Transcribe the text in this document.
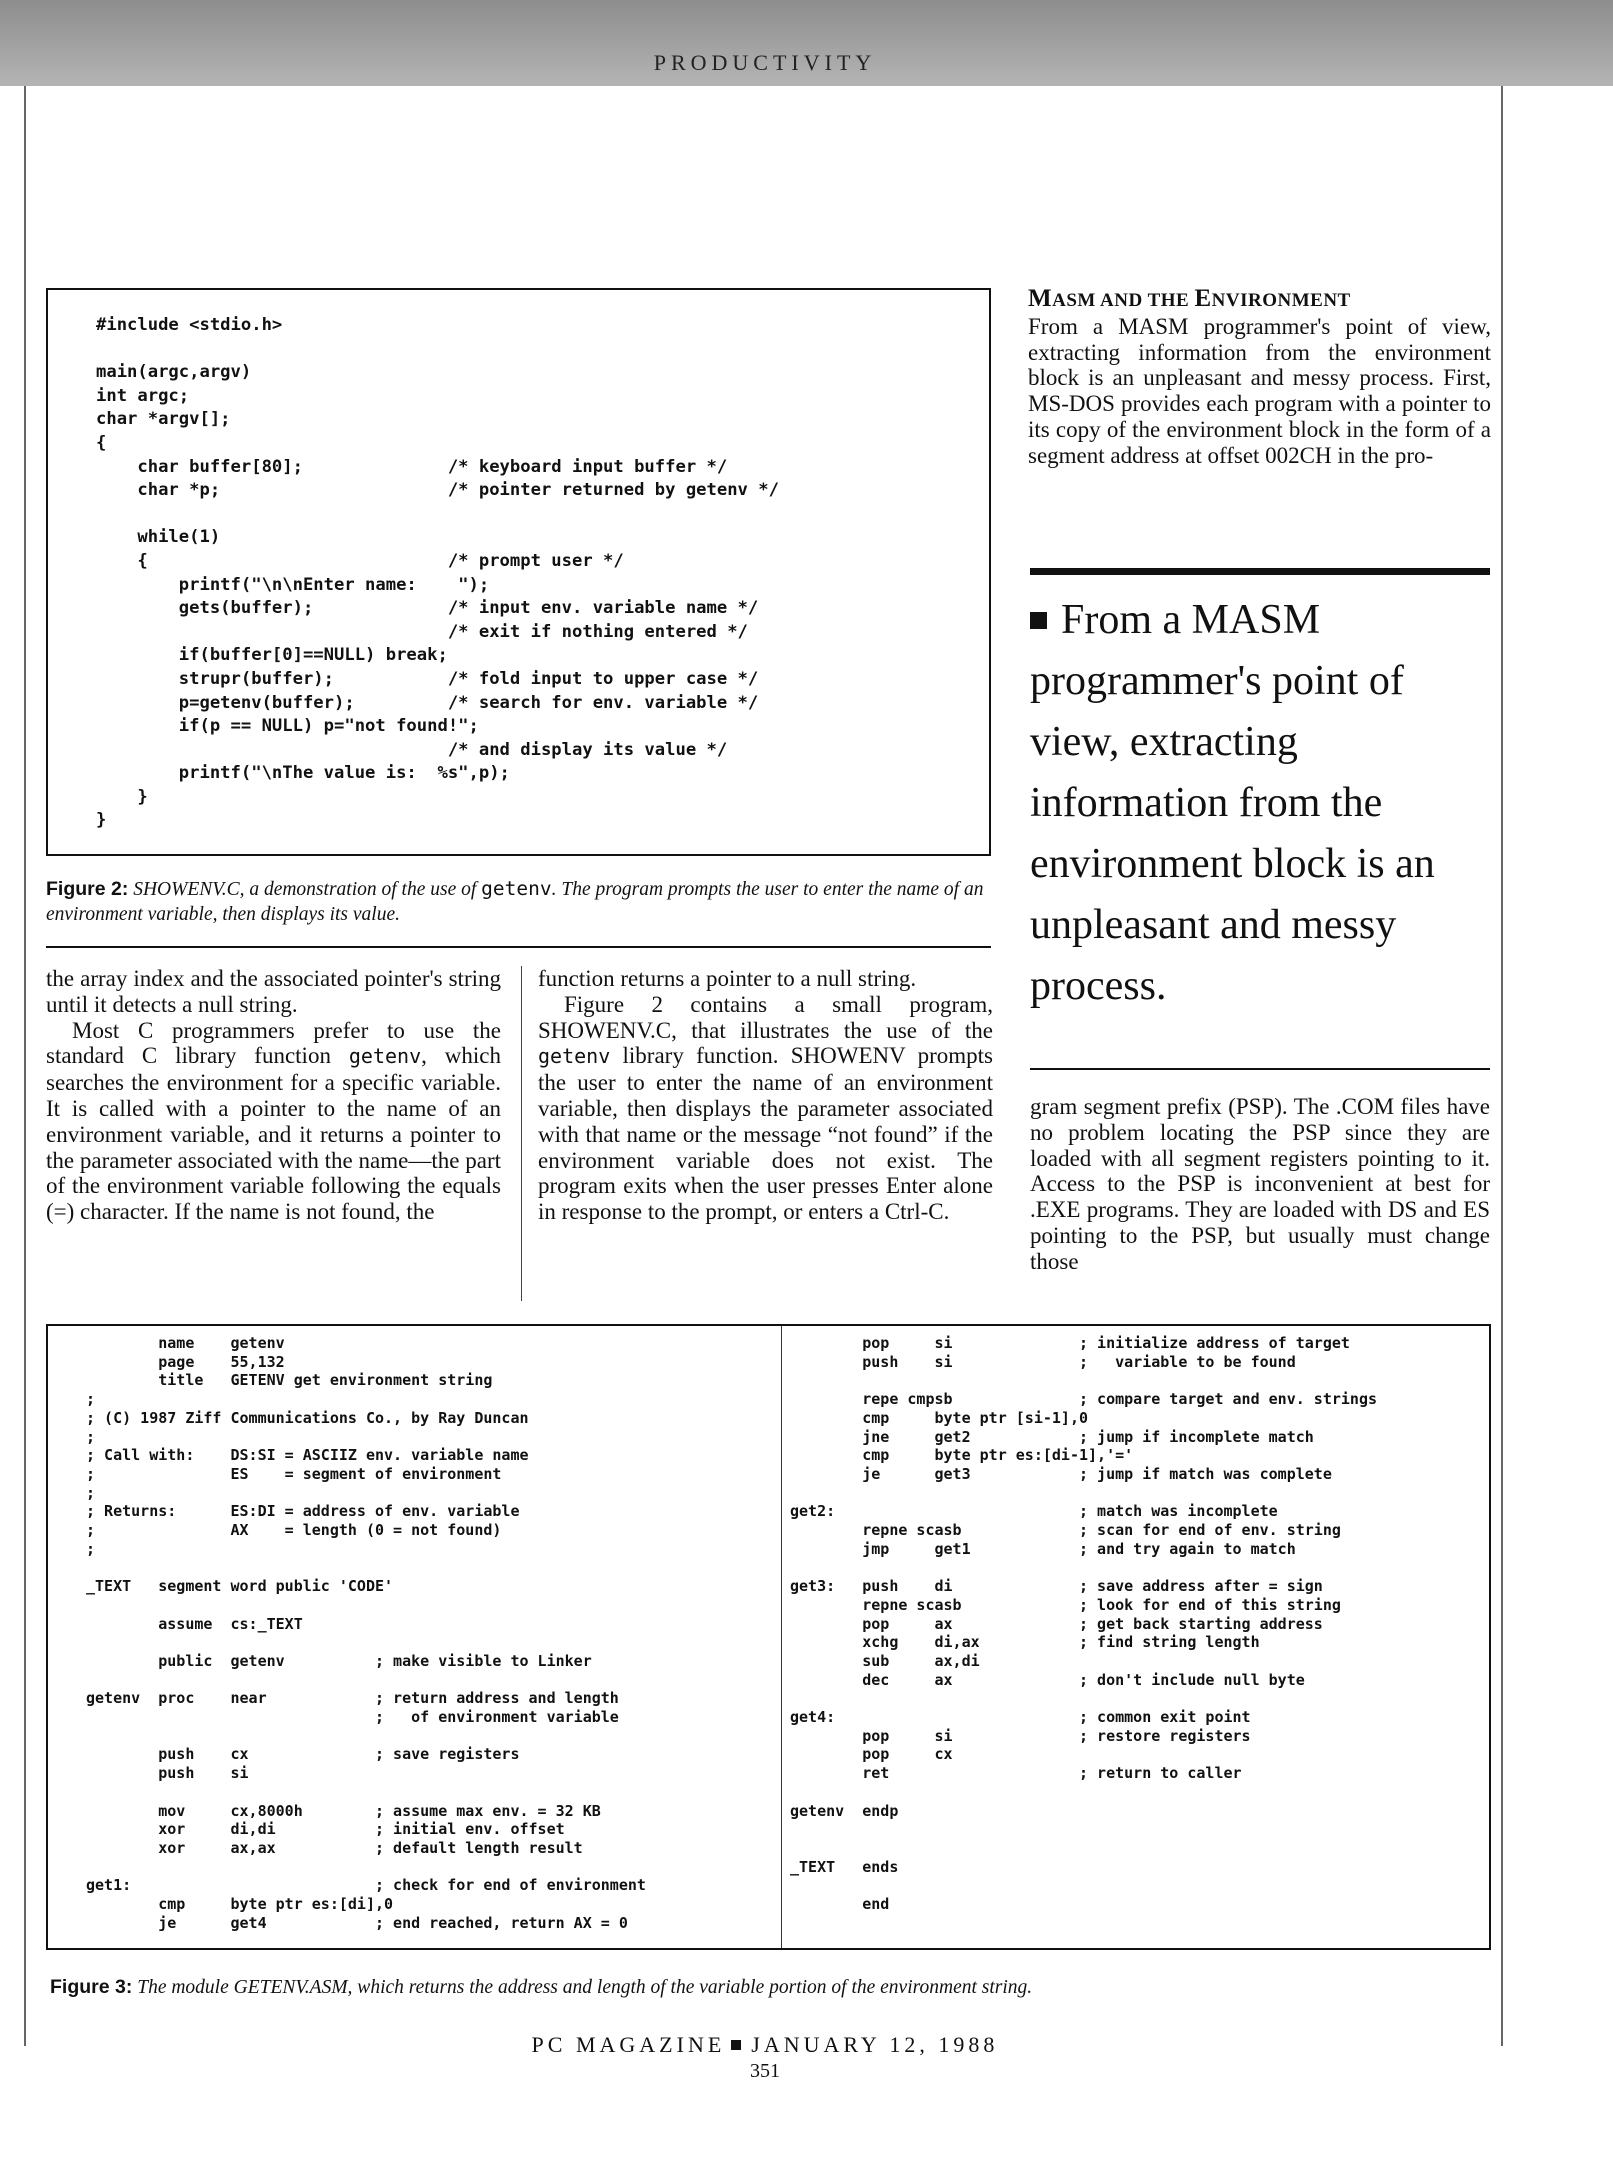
PRODUCTIVITY
#include <stdio.h>

main(argc,argv)
int argc;
char *argv[];
{
char buffer[80];              /* keyboard input buffer */
char *p;                      /* pointer returned by getenv */

while(1)
{                             /* prompt user */
printf("\n\nEnter name:    ");
gets(buffer);             /* input env. variable name */
/* exit if nothing entered */
if(buffer[0]==NULL) break;
strupr(buffer);           /* fold input to upper case */
p=getenv(buffer);         /* search for env. variable */
if(p == NULL) p="not found!";
/* and display its value */
printf("\nThe value is:  %s",p);
}
}
Figure 2: SHOWENV.C, a demonstration of the use of getenv. The program prompts the user to enter the name of an environment variable, then displays its value.

the array index and the associated pointer's string until it detects a null string.

Most C programmers prefer to use the standard C library function getenv, which searches the environment for a specific variable. It is called with a pointer to the name of an environment variable, and it returns a pointer to the parameter associated with the name—the part of the environment variable following the equals (=) character. If the name is not found, the

function returns a pointer to a null string.

Figure 2 contains a small program, SHOWENV.C, that illustrates the use of the getenv library function. SHOWENV prompts the user to enter the name of an environment variable, then displays the parameter associated with that name or the message “not found” if the environment variable does not exist. The program exits when the user presses Enter alone in response to the prompt, or enters a Ctrl-C.

MASM AND THE ENVIRONMENT

From a MASM programmer's point of view, extracting information from the environment block is an unpleasant and messy process. First, MS-DOS provides each program with a pointer to its copy of the environment block in the form of a segment address at offset 002CH in the pro-

From a MASM programmer's point of view, extracting information from the environment block is an unpleasant and messy process.

gram segment prefix (PSP). The .COM files have no problem locating the PSP since they are loaded with all segment registers pointing to it. Access to the PSP is inconvenient at best for .EXE programs. They are loaded with DS and ES pointing to the PSP, but usually must change those

name    getenv
page    55,132
title   GETENV get environment string
;
; (C) 1987 Ziff Communications Co., by Ray Duncan
;
; Call with:    DS:SI = ASCIIZ env. variable name
;               ES    = segment of environment
;
; Returns:      ES:DI = address of env. variable
;               AX    = length (0 = not found)
;

_TEXT   segment word public 'CODE'

assume  cs:_TEXT

public  getenv          ; make visible to Linker

getenv  proc    near            ; return address and length
;   of environment variable

push    cx              ; save registers
push    si

mov     cx,8000h        ; assume max env. = 32 KB
xor     di,di           ; initial env. offset
xor     ax,ax           ; default length result

get1:                           ; check for end of environment
cmp     byte ptr es:[di],0
je      get4            ; end reached, return AX = 0
pop     si              ; initialize address of target
push    si              ;   variable to be found

repe cmpsb              ; compare target and env. strings
cmp     byte ptr [si-1],0
jne     get2            ; jump if incomplete match
cmp     byte ptr es:[di-1],'='
je      get3            ; jump if match was complete

get2:                           ; match was incomplete
repne scasb             ; scan for end of env. string
jmp     get1            ; and try again to match

get3:   push    di              ; save address after = sign
repne scasb             ; look for end of this string
pop     ax              ; get back starting address
xchg    di,ax           ; find string length
sub     ax,di
dec     ax              ; don't include null byte

get4:                           ; common exit point
pop     si              ; restore registers
pop     cx
ret                     ; return to caller

getenv  endp

_TEXT   ends

end
Figure 3: The module GETENV.ASM, which returns the address and length of the variable portion of the environment string.
PC MAGAZINE JANUARY 12, 1988
351
